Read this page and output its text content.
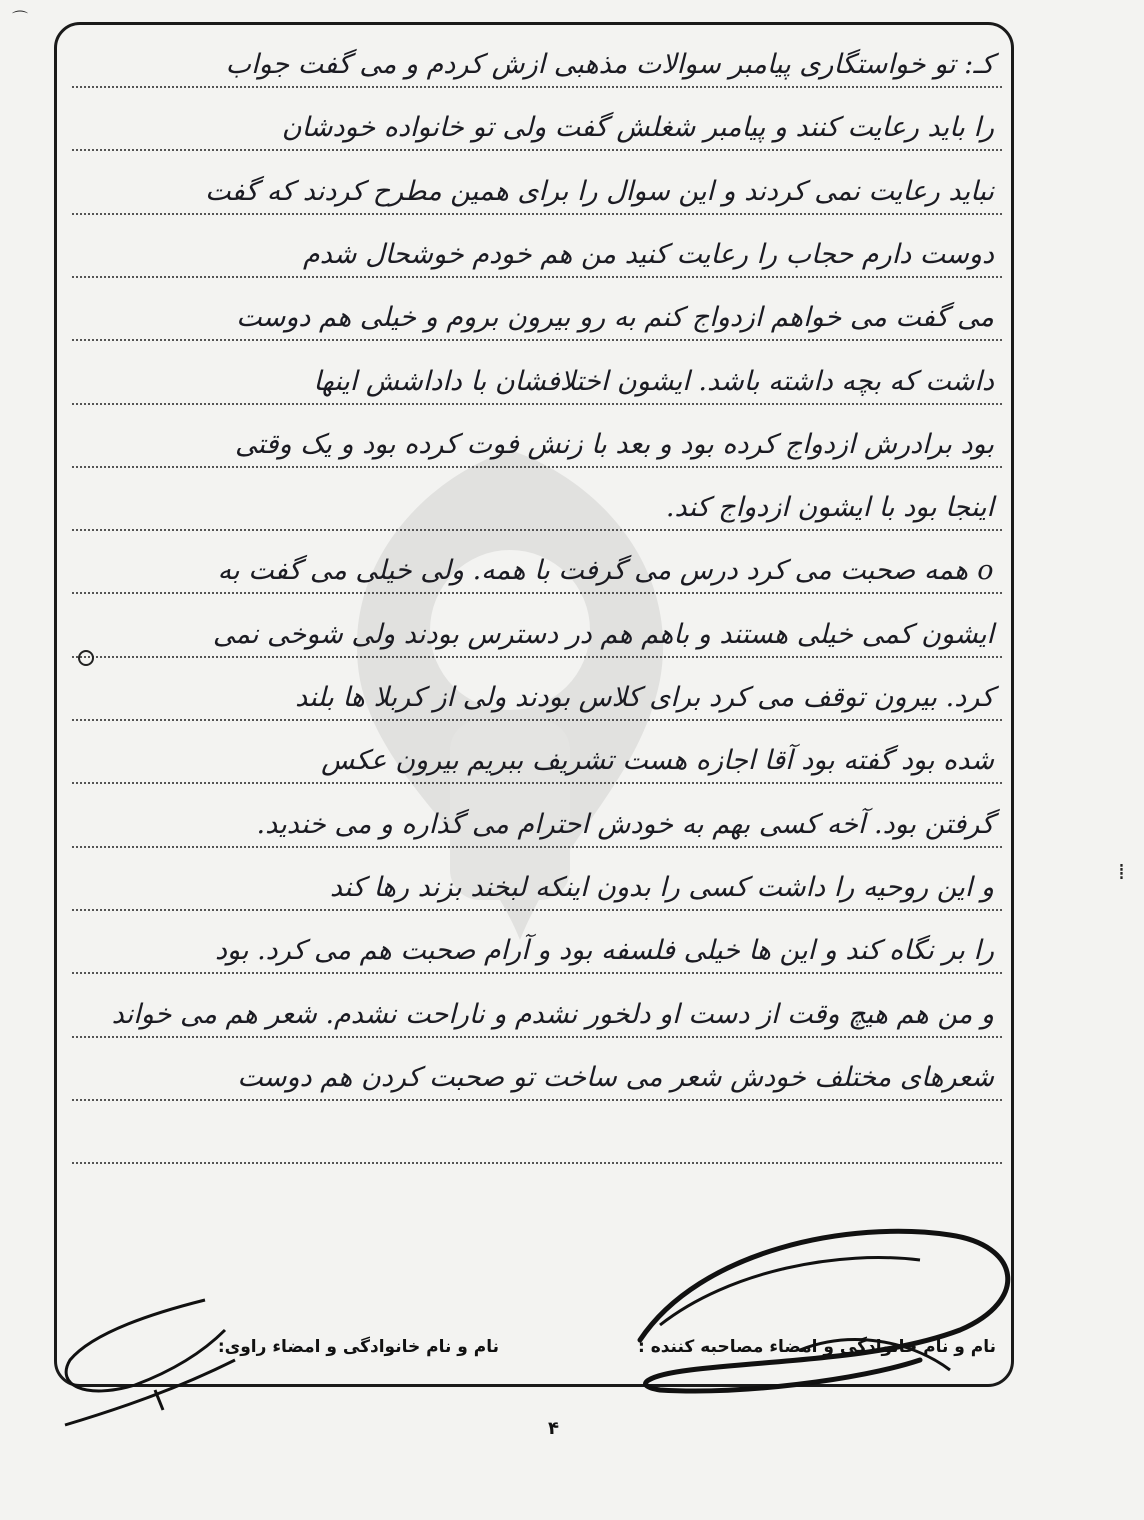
کـ: تو خواستگاری پیامبر سوالات مذهبی ازش کردم و می گفت جواب
را باید رعایت کنند و پیامبر شغلش گفت ولی تو خانواده خودشان
نباید رعایت نمی کردند و این سوال را برای همین مطرح کردند که گفت
دوست دارم حجاب را رعایت کنید من هم خودم خوشحال شدم
می گفت می خواهم ازدواج کنم به رو بیرون بروم و خیلی هم دوست
داشت که بچه داشته باشد. ایشون اختلافشان با داداشش اینها
بود برادرش ازدواج کرده بود و بعد با زنش فوت کرده بود و یک وقتی
اینجا بود با ایشون ازدواج کند.
o همه صحبت می کرد درس می گرفت با همه. ولی خیلی می گفت به
ایشون کمی خیلی هستند و باهم هم در دسترس بودند ولی شوخی نمی
کرد. بیرون توقف می کرد برای کلاس بودند ولی از کربلا ها بلند
شده بود گفته بود آقا اجازه هست تشریف ببریم بیرون عکس
گرفتن بود. آخه کسی بهم به خودش احترام می گذاره و می خندید.
و این روحیه را داشت کسی را بدون اینکه لبخند بزند رها کند
را بر نگاه کند و این ها خیلی فلسفه بود و آرام صحبت هم می کرد. بود
و من هم هیچ وقت از دست او دلخور نشدم و ناراحت نشدم. شعر هم می خواند
شعرهای مختلف خودش شعر می ساخت تو صحبت کردن هم دوست
نام و نام خانوادگی و امضاء مصاحبه کننده :
نام و نام خانوادگی و امضاء راوی:
۴
⌒
⁞
